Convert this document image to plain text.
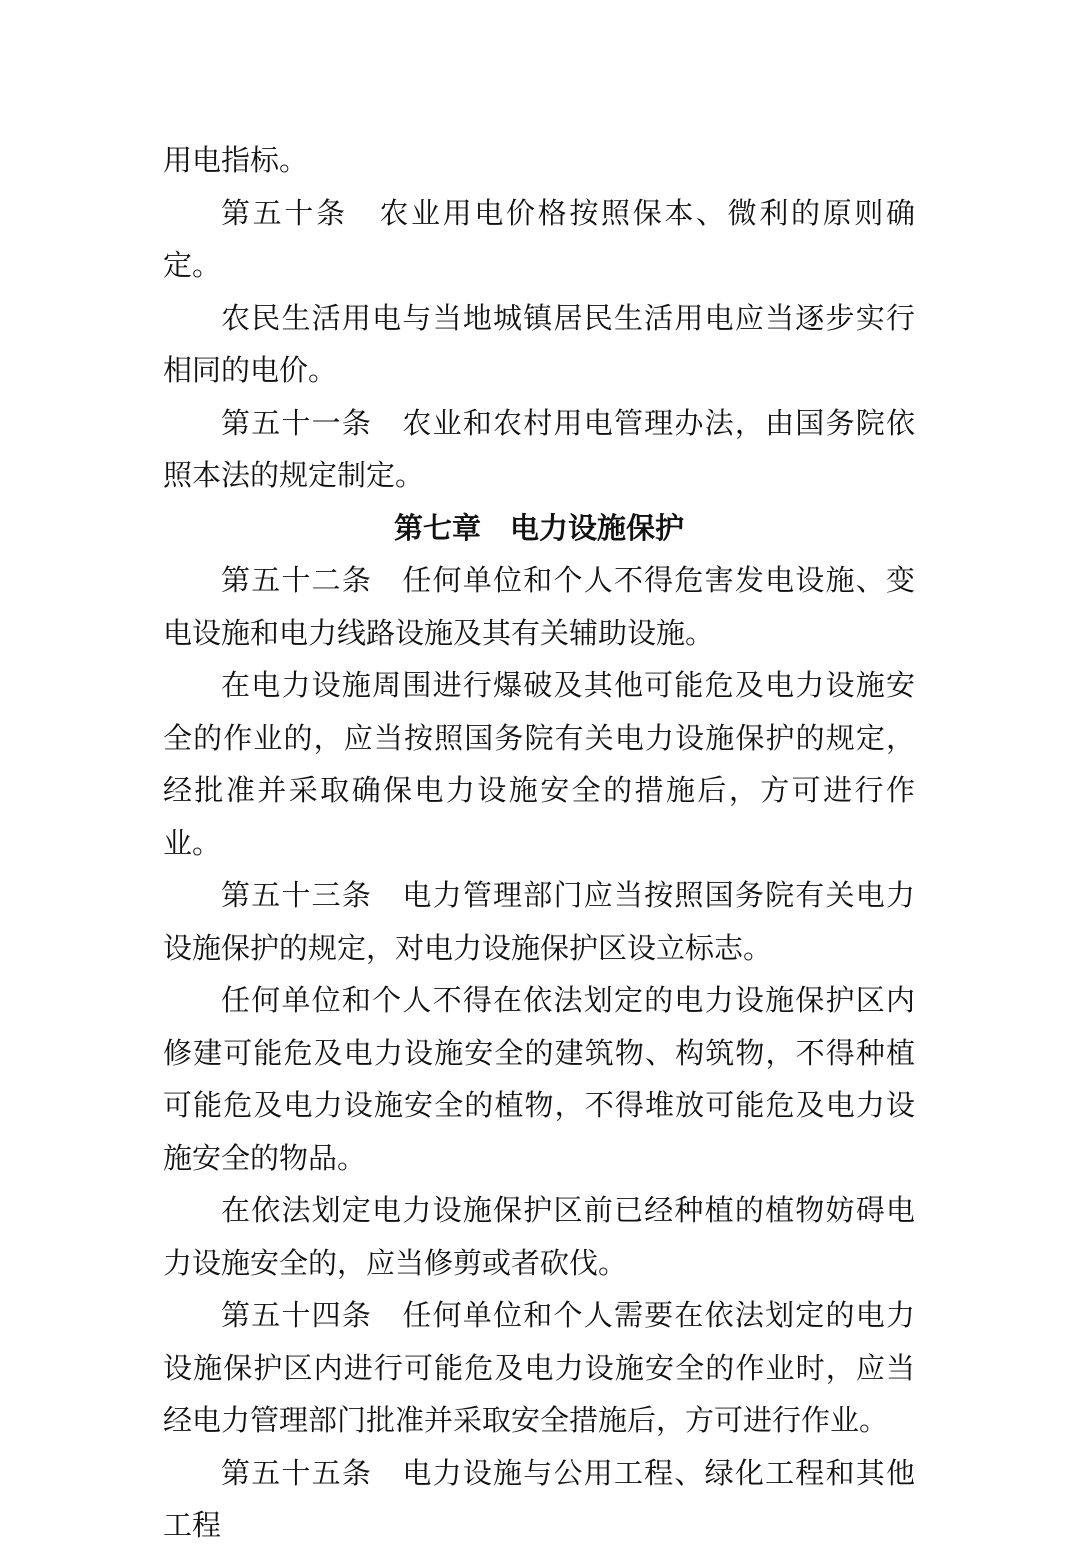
用电指标。

第五十条　 农业用电价格按照保本、微利的原则确定。

农民生活用电与当地城镇居民生活用电应当逐步实行相同的电价。

第五十一条　 农业和农村用电管理办法，由国务院依照本法的规定制定。

第七章　 电力设施保护

第五十二条　 任何单位和个人不得危害发电设施、变电设施和电力线路设施及其有关辅助设施。

在电力设施周围进行爆破及其他可能危及电力设施安全的作业的，应当按照国务院有关电力设施保护的规定，经批准并采取确保电力设施安全的措施后，方可进行作业。

第五十三条　 电力管理部门应当按照国务院有关电力设施保护的规定，对电力设施保护区设立标志。

任何单位和个人不得在依法划定的电力设施保护区内修建可能危及电力设施安全的建筑物、构筑物，不得种植可能危及电力设施安全的植物，不得堆放可能危及电力设施安全的物品。

在依法划定电力设施保护区前已经种植的植物妨碍电力设施安全的，应当修剪或者砍伐。

第五十四条　 任何单位和个人需要在依法划定的电力设施保护区内进行可能危及电力设施安全的作业时，应当经电力管理部门批准并采取安全措施后，方可进行作业。

第五十五条　 电力设施与公用工程、绿化工程和其他工程
